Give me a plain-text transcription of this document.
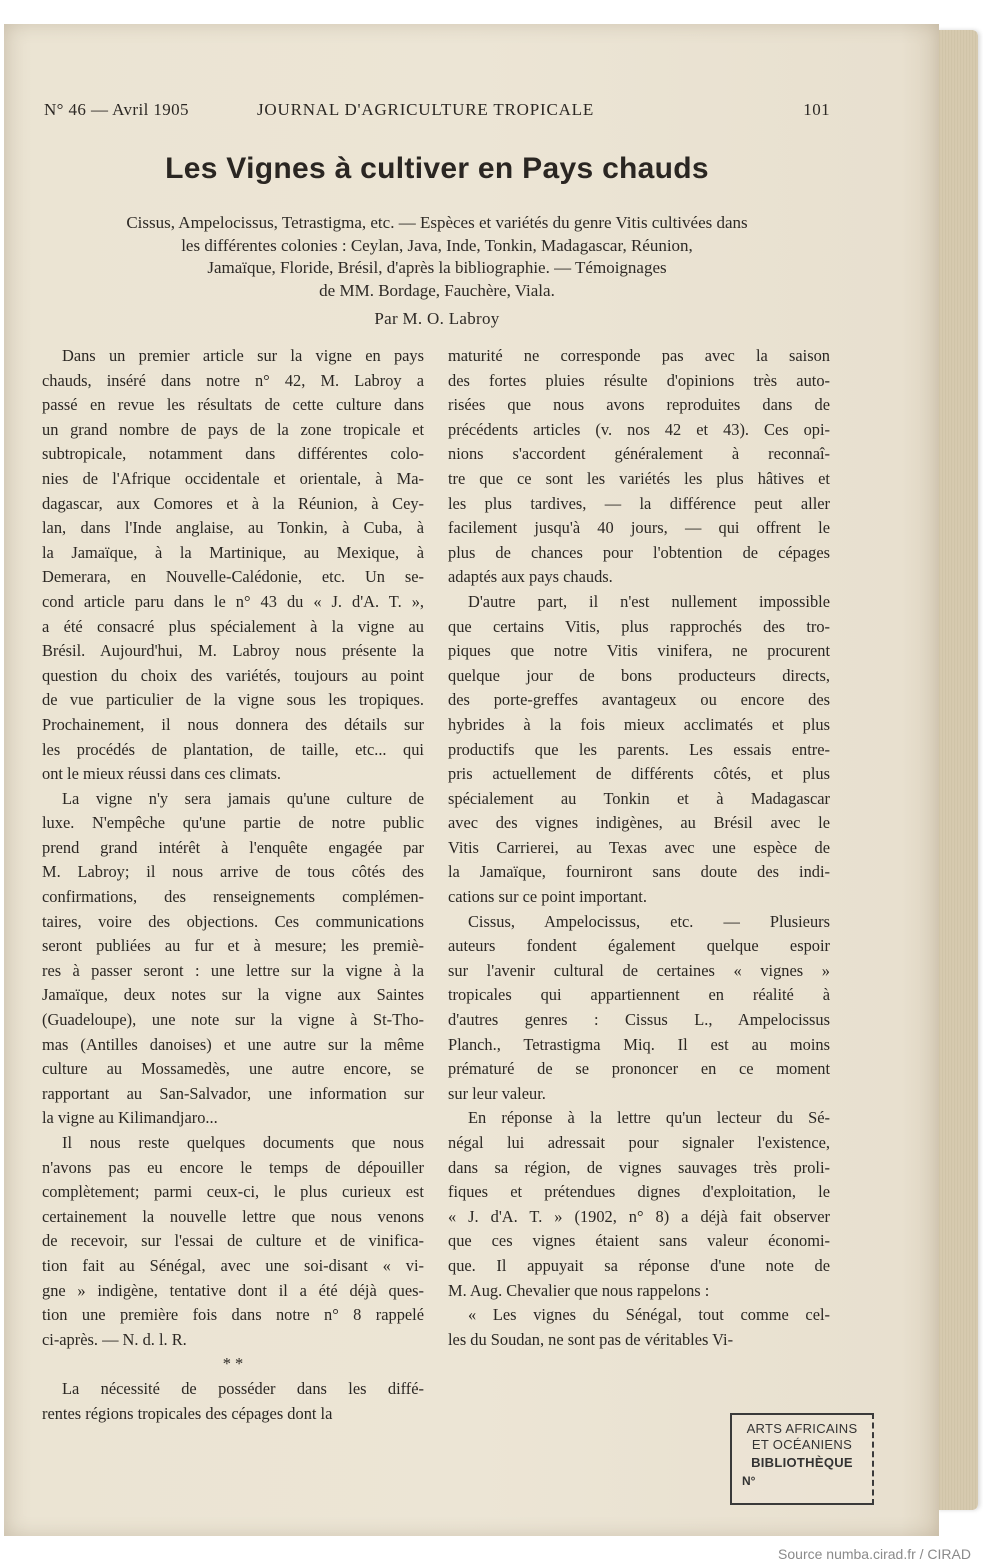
N° 46 — Avril 1905	JOURNAL D'AGRICULTURE TROPICALE	101
Les Vignes à cultiver en Pays chauds
Cissus, Ampelocissus, Tetrastigma, etc. — Espèces et variétés du genre Vitis cultivées dans
les différentes colonies : Ceylan, Java, Inde, Tonkin, Madagascar, Réunion,
Jamaïque, Floride, Brésil, d'après la bibliographie. — Témoignages
de MM. Bordage, Fauchère, Viala.
Par M. O. Labroy
Dans un premier article sur la vigne en pays
chauds, inséré dans notre n° 42, M. Labroy a
passé en revue les résultats de cette culture dans
un grand nombre de pays de la zone tropicale et
subtropicale, notamment dans différentes colo-
nies de l'Afrique occidentale et orientale, à Ma-
dagascar, aux Comores et à la Réunion, à Cey-
lan, dans l'Inde anglaise, au Tonkin, à Cuba, à
la Jamaïque, à la Martinique, au Mexique, à
Demerara, en Nouvelle-Calédonie, etc. Un se-
cond article paru dans le n° 43 du « J. d'A. T. »,
a été consacré plus spécialement à la vigne au
Brésil. Aujourd'hui, M. Labroy nous présente la
question du choix des variétés, toujours au point
de vue particulier de la vigne sous les tropiques.
Prochainement, il nous donnera des détails sur
les procédés de plantation, de taille, etc... qui
ont le mieux réussi dans ces climats.
La vigne n'y sera jamais qu'une culture de
luxe. N'empêche qu'une partie de notre public
prend grand intérêt à l'enquête engagée par
M. Labroy; il nous arrive de tous côtés des
confirmations, des renseignements complémen-
taires, voire des objections. Ces communications
seront publiées au fur et à mesure; les premiè-
res à passer seront : une lettre sur la vigne à la
Jamaïque, deux notes sur la vigne aux Saintes
(Guadeloupe), une note sur la vigne à St-Tho-
mas (Antilles danoises) et une autre sur la même
culture au Mossamedès, une autre encore, se
rapportant au San-Salvador, une information sur
la vigne au Kilimandjaro...
Il nous reste quelques documents que nous
n'avons pas eu encore le temps de dépouiller
complètement; parmi ceux-ci, le plus curieux est
certainement la nouvelle lettre que nous venons
de recevoir, sur l'essai de culture et de vinifica-
tion fait au Sénégal, avec une soi-disant « vi-
gne » indigène, tentative dont il a été déjà ques-
tion une première fois dans notre n° 8 rappelé
ci-après. — N. d. l. R.
* *
La nécessité de posséder dans les diffé-
rentes régions tropicales des cépages dont la
maturité ne corresponde pas avec la saison
des fortes pluies résulte d'opinions très auto-
risées que nous avons reproduites dans de
précédents articles (v. nos 42 et 43). Ces opi-
nions s'accordent généralement à reconnaî-
tre que ce sont les variétés les plus hâtives et
les plus tardives, — la différence peut aller
facilement jusqu'à 40 jours, — qui offrent le
plus de chances pour l'obtention de cépages
adaptés aux pays chauds.
D'autre part, il n'est nullement impossible
que certains Vitis, plus rapprochés des tro-
piques que notre Vitis vinifera, ne procurent
quelque jour de bons producteurs directs,
des porte-greffes avantageux ou encore des
hybrides à la fois mieux acclimatés et plus
productifs que les parents. Les essais entre-
pris actuellement de différents côtés, et plus
spécialement au Tonkin et à Madagascar
avec des vignes indigènes, au Brésil avec le
Vitis Carrierei, au Texas avec une espèce de
la Jamaïque, fourniront sans doute des indi-
cations sur ce point important.
Cissus, Ampelocissus, etc. — Plusieurs
auteurs fondent également quelque espoir
sur l'avenir cultural de certaines « vignes »
tropicales qui appartiennent en réalité à
d'autres genres : Cissus L., Ampelocissus
Planch., Tetrastigma Miq. Il est au moins
prématuré de se prononcer en ce moment
sur leur valeur.
En réponse à la lettre qu'un lecteur du Sé-
négal lui adressait pour signaler l'existence,
dans sa région, de vignes sauvages très proli-
fiques et prétendues dignes d'exploitation, le
« J. d'A. T. » (1902, n° 8) a déjà fait observer
que ces vignes étaient sans valeur économi-
que. Il appuyait sa réponse d'une note de
M. Aug. Chevalier que nous rappelons :
« Les vignes du Sénégal, tout comme cel-
les du Soudan, ne sont pas de véritables Vi-
ARTS AFRICAINS
ET OCÉANIENS
BIBLIOTHÈQUE
N°
Source numba.cirad.fr / CIRAD
